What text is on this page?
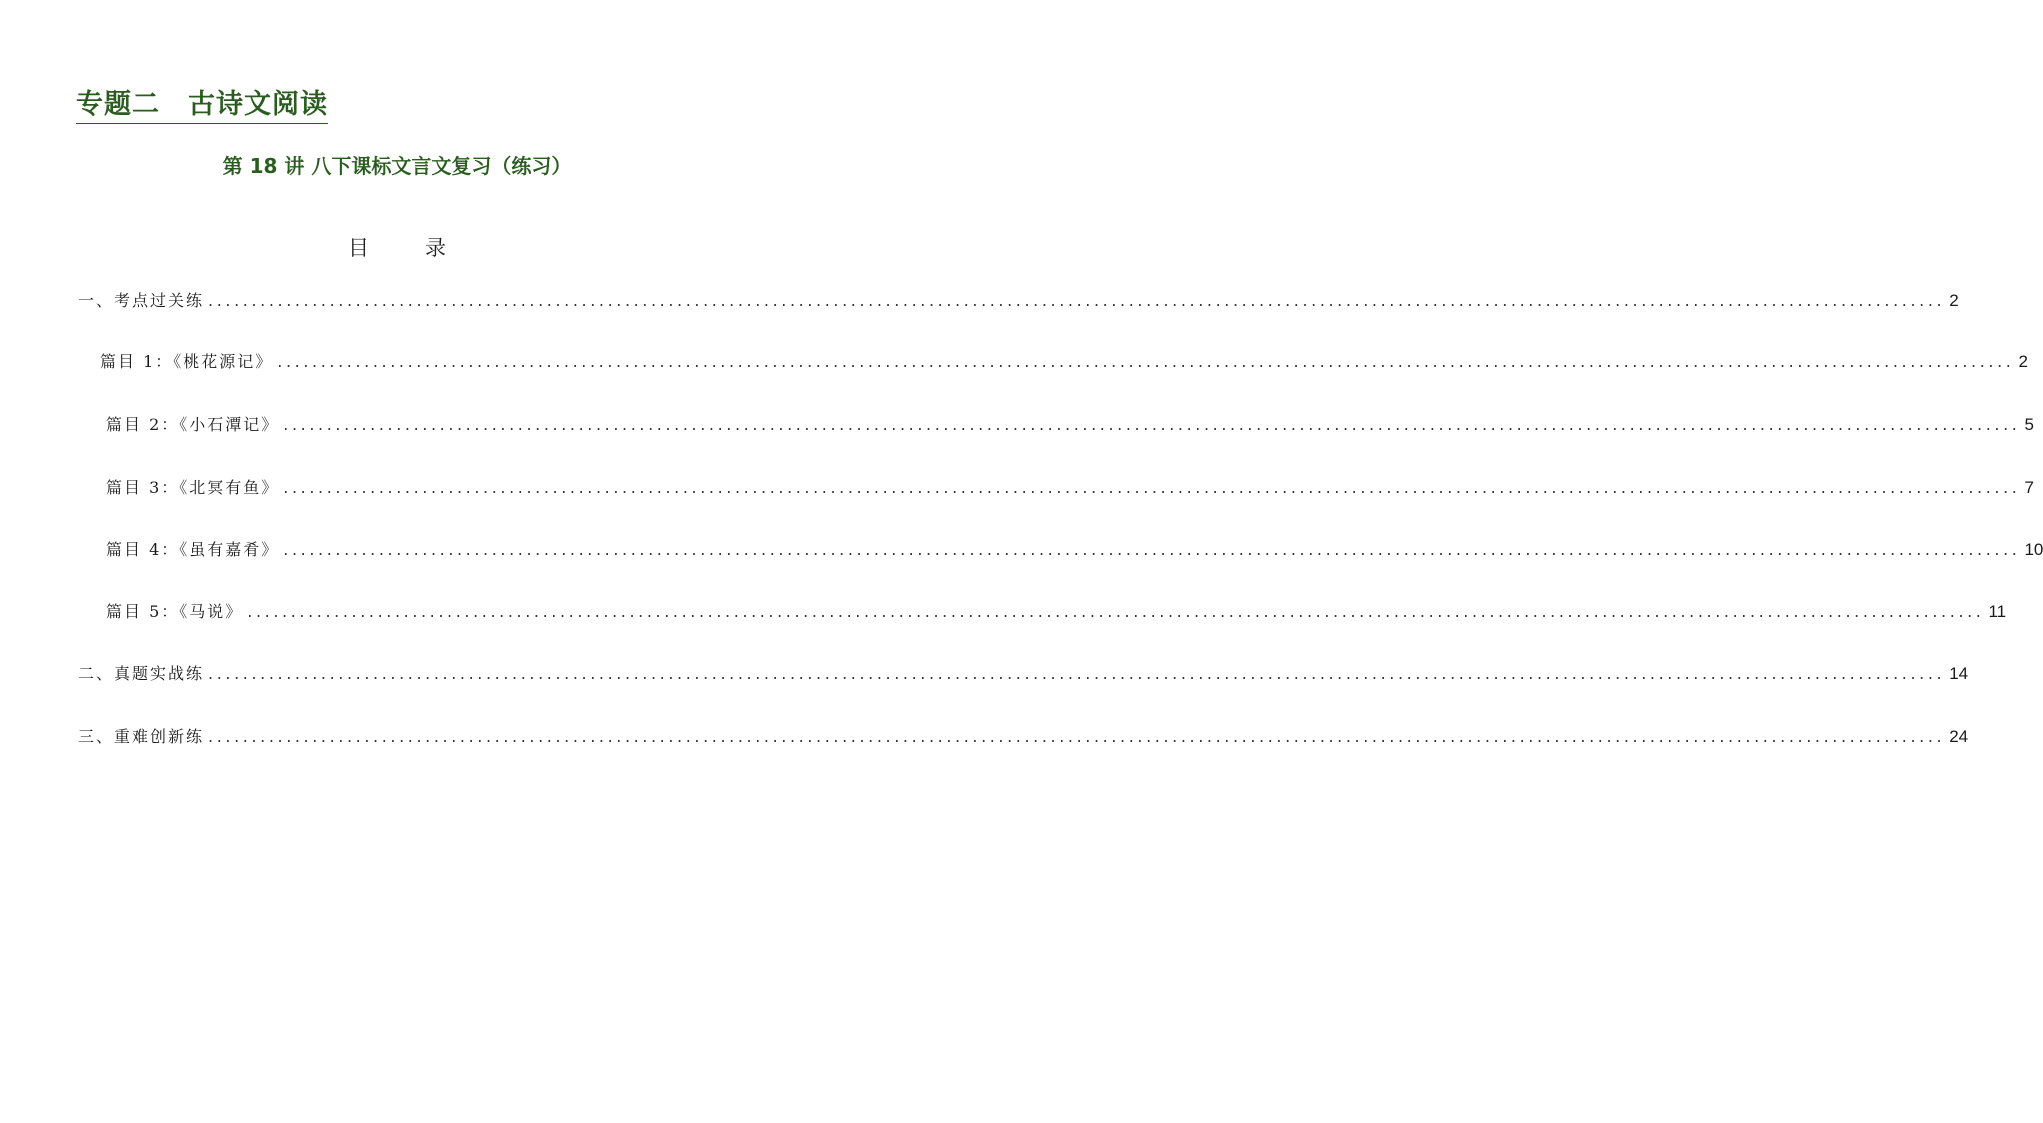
专题二　古诗文阅读
第 18 讲 八下课标文言文复习（练习）
目	录
一、考点过关练 ........................................................................................................................................................................................................ 2
篇目 1：《桃花源记》 ........................................................................................................................................................................................................ 2
篇目 2：《小石潭记》 ........................................................................................................................................................................................................ 5
篇目 3：《北冥有鱼》 ........................................................................................................................................................................................................ 7
篇目 4：《虽有嘉肴》 ........................................................................................................................................................................................................ 10
篇目 5：《马说》 ........................................................................................................................................................................................................ 11
二、真题实战练 ........................................................................................................................................................................................................ 14
三、重难创新练 ........................................................................................................................................................................................................ 24
